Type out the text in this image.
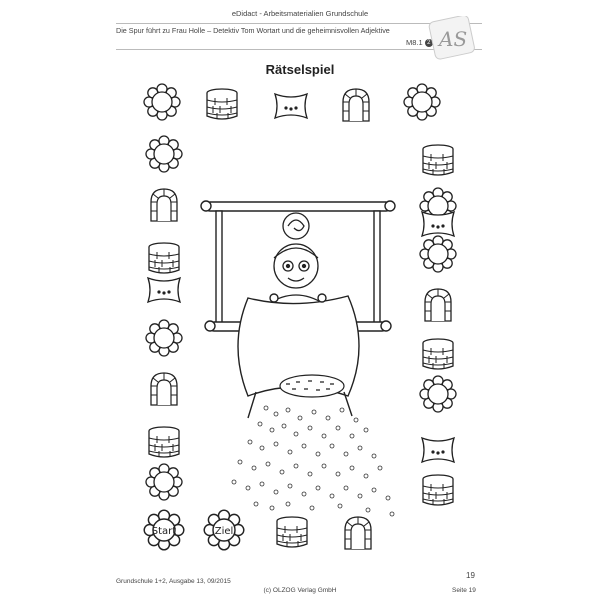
eDidact - Arbeitsmaterialien Grundschule
Die Spur führt zu Frau Holle – Detektiv Tom Wortart und die geheimnisvollen Adjektive
M8.1 2 AS
Rätselspiel
Start	Ziel
Grundschule 1+2, Ausgabe 13, 09/2015
(c) OLZOG Verlag GmbH
19
Seite 19
